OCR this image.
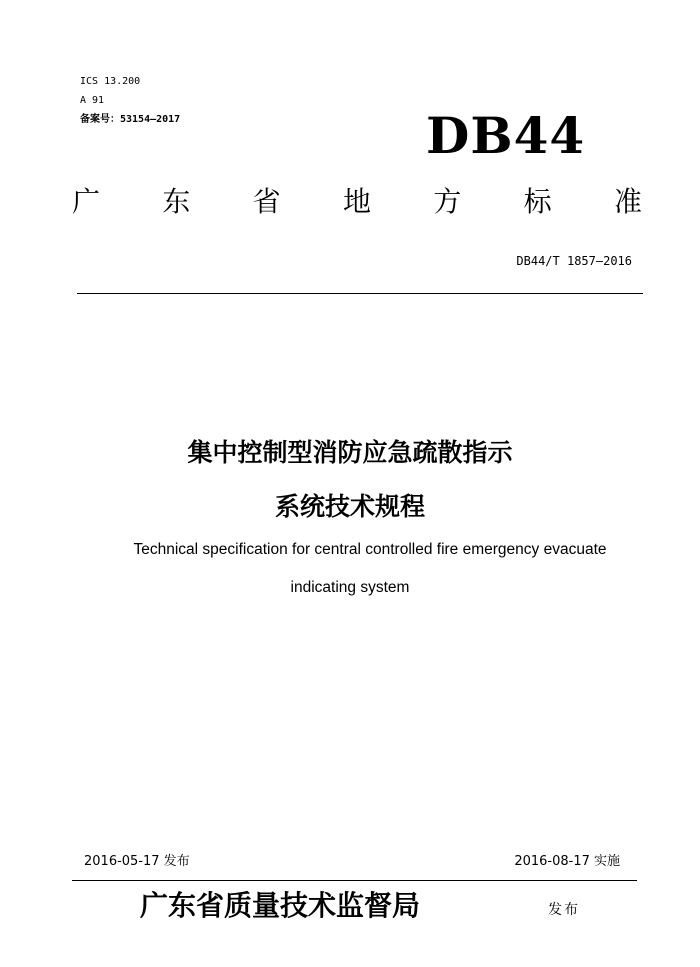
ICS 13.200
A 91
备案号：53154—2017	DB44
广 东 省 地 方 标 准
DB44/T 1857—2016
集中控制型消防应急疏散指示
系统技术规程
Technical specification for central controlled fire emergency evacuate
indicating system
2016-05-17 发布	2016-08-17 实施
广东省质量技术监督局	发布
